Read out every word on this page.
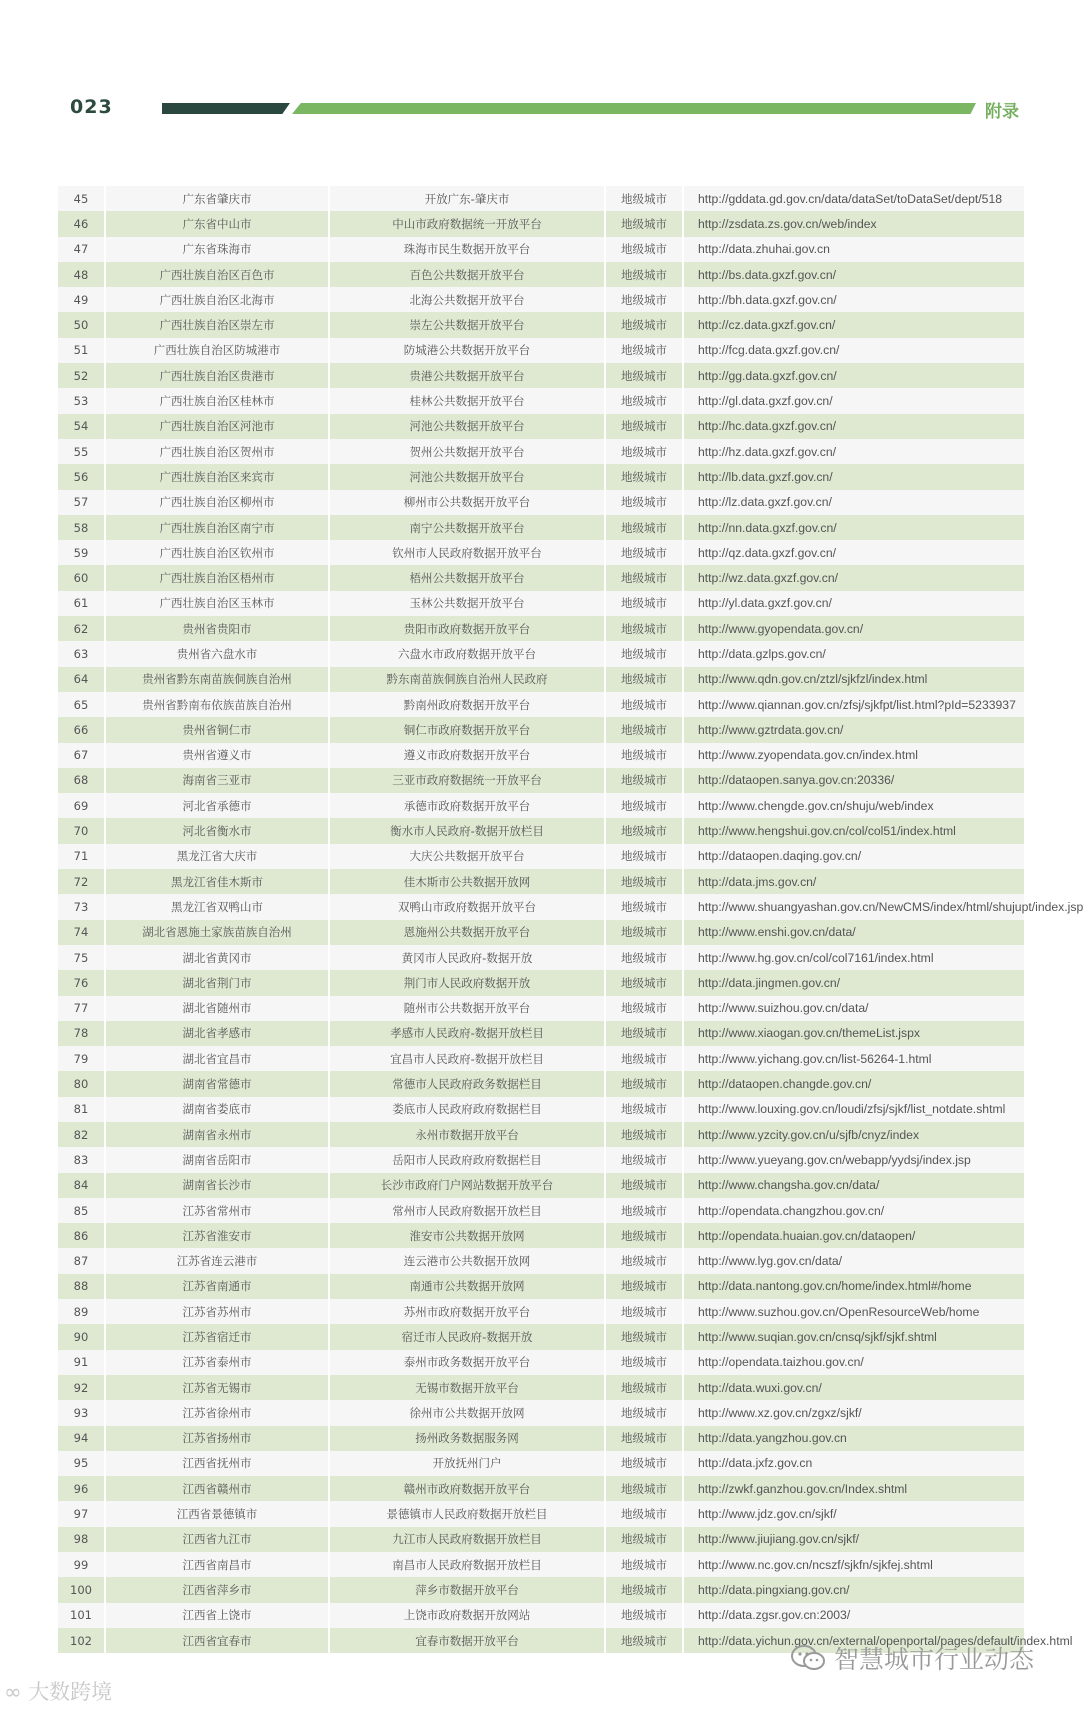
023	附录
45	广东省肇庆市	开放广东-肇庆市	地级城市	http://gddata.gd.gov.cn/data/dataSet/toDataSet/dept/518
46	广东省中山市	中山市政府数据统一开放平台	地级城市	http://zsdata.zs.gov.cn/web/index
47	广东省珠海市	珠海市民生数据开放平台	地级城市	http://data.zhuhai.gov.cn
48	广西壮族自治区百色市	百色公共数据开放平台	地级城市	http://bs.data.gxzf.gov.cn/
49	广西壮族自治区北海市	北海公共数据开放平台	地级城市	http://bh.data.gxzf.gov.cn/
50	广西壮族自治区崇左市	崇左公共数据开放平台	地级城市	http://cz.data.gxzf.gov.cn/
51	广西壮族自治区防城港市	防城港公共数据开放平台	地级城市	http://fcg.data.gxzf.gov.cn/
52	广西壮族自治区贵港市	贵港公共数据开放平台	地级城市	http://gg.data.gxzf.gov.cn/
53	广西壮族自治区桂林市	桂林公共数据开放平台	地级城市	http://gl.data.gxzf.gov.cn/
54	广西壮族自治区河池市	河池公共数据开放平台	地级城市	http://hc.data.gxzf.gov.cn/
55	广西壮族自治区贺州市	贺州公共数据开放平台	地级城市	http://hz.data.gxzf.gov.cn/
56	广西壮族自治区来宾市	河池公共数据开放平台	地级城市	http://lb.data.gxzf.gov.cn/
57	广西壮族自治区柳州市	柳州市公共数据开放平台	地级城市	http://lz.data.gxzf.gov.cn/
58	广西壮族自治区南宁市	南宁公共数据开放平台	地级城市	http://nn.data.gxzf.gov.cn/
59	广西壮族自治区钦州市	钦州市人民政府数据开放平台	地级城市	http://qz.data.gxzf.gov.cn/
60	广西壮族自治区梧州市	梧州公共数据开放平台	地级城市	http://wz.data.gxzf.gov.cn/
61	广西壮族自治区玉林市	玉林公共数据开放平台	地级城市	http://yl.data.gxzf.gov.cn/
62	贵州省贵阳市	贵阳市政府数据开放平台	地级城市	http://www.gyopendata.gov.cn/
63	贵州省六盘水市	六盘水市政府数据开放平台	地级城市	http://data.gzlps.gov.cn/
64	贵州省黔东南苗族侗族自治州	黔东南苗族侗族自治州人民政府	地级城市	http://www.qdn.gov.cn/ztzl/sjkfzl/index.html
65	贵州省黔南布依族苗族自治州	黔南州政府数据开放平台	地级城市	http://www.qiannan.gov.cn/zfsj/sjkfpt/list.html?pId=5233937
66	贵州省铜仁市	铜仁市政府数据开放平台	地级城市	http://www.gztrdata.gov.cn/
67	贵州省遵义市	遵义市政府数据开放平台	地级城市	http://www.zyopendata.gov.cn/index.html
68	海南省三亚市	三亚市政府数据统一开放平台	地级城市	http://dataopen.sanya.gov.cn:20336/
69	河北省承德市	承德市政府数据开放平台	地级城市	http://www.chengde.gov.cn/shuju/web/index
70	河北省衡水市	衡水市人民政府-数据开放栏目	地级城市	http://www.hengshui.gov.cn/col/col51/index.html
71	黑龙江省大庆市	大庆公共数据开放平台	地级城市	http://dataopen.daqing.gov.cn/
72	黑龙江省佳木斯市	佳木斯市公共数据开放网	地级城市	http://data.jms.gov.cn/
73	黑龙江省双鸭山市	双鸭山市政府数据开放平台	地级城市	http://www.shuangyashan.gov.cn/NewCMS/index/html/shujupt/index.jsp
74	湖北省恩施土家族苗族自治州	恩施州公共数据开放平台	地级城市	http://www.enshi.gov.cn/data/
75	湖北省黄冈市	黄冈市人民政府-数据开放	地级城市	http://www.hg.gov.cn/col/col7161/index.html
76	湖北省荆门市	荆门市人民政府数据开放	地级城市	http://data.jingmen.gov.cn/
77	湖北省随州市	随州市公共数据开放平台	地级城市	http://www.suizhou.gov.cn/data/
78	湖北省孝感市	孝感市人民政府-数据开放栏目	地级城市	http://www.xiaogan.gov.cn/themeList.jspx
79	湖北省宜昌市	宜昌市人民政府-数据开放栏目	地级城市	http://www.yichang.gov.cn/list-56264-1.html
80	湖南省常德市	常德市人民政府政务数据栏目	地级城市	http://dataopen.changde.gov.cn/
81	湖南省娄底市	娄底市人民政府政府数据栏目	地级城市	http://www.louxing.gov.cn/loudi/zfsj/sjkf/list_notdate.shtml
82	湖南省永州市	永州市数据开放平台	地级城市	http://www.yzcity.gov.cn/u/sjfb/cnyz/index
83	湖南省岳阳市	岳阳市人民政府政府数据栏目	地级城市	http://www.yueyang.gov.cn/webapp/yydsj/index.jsp
84	湖南省长沙市	长沙市政府门户网站数据开放平台	地级城市	http://www.changsha.gov.cn/data/
85	江苏省常州市	常州市人民政府数据开放栏目	地级城市	http://opendata.changzhou.gov.cn/
86	江苏省淮安市	淮安市公共数据开放网	地级城市	http://opendata.huaian.gov.cn/dataopen/
87	江苏省连云港市	连云港市公共数据开放网	地级城市	http://www.lyg.gov.cn/data/
88	江苏省南通市	南通市公共数据开放网	地级城市	http://data.nantong.gov.cn/home/index.html#/home
89	江苏省苏州市	苏州市政府数据开放平台	地级城市	http://www.suzhou.gov.cn/OpenResourceWeb/home
90	江苏省宿迁市	宿迁市人民政府-数据开放	地级城市	http://www.suqian.gov.cn/cnsq/sjkf/sjkf.shtml
91	江苏省泰州市	泰州市政务数据开放平台	地级城市	http://opendata.taizhou.gov.cn/
92	江苏省无锡市	无锡市数据开放平台	地级城市	http://data.wuxi.gov.cn/
93	江苏省徐州市	徐州市公共数据开放网	地级城市	http://www.xz.gov.cn/zgxz/sjkf/
94	江苏省扬州市	扬州政务数据服务网	地级城市	http://data.yangzhou.gov.cn
95	江西省抚州市	开放抚州门户	地级城市	http://data.jxfz.gov.cn
96	江西省赣州市	赣州市政府数据开放平台	地级城市	http://zwkf.ganzhou.gov.cn/Index.shtml
97	江西省景德镇市	景德镇市人民政府数据开放栏目	地级城市	http://www.jdz.gov.cn/sjkf/
98	江西省九江市	九江市人民政府数据开放栏目	地级城市	http://www.jiujiang.gov.cn/sjkf/
99	江西省南昌市	南昌市人民政府数据开放栏目	地级城市	http://www.nc.gov.cn/ncszf/sjkfn/sjkfej.shtml
100	江西省萍乡市	萍乡市数据开放平台	地级城市	http://data.pingxiang.gov.cn/
101	江西省上饶市	上饶市政府数据开放网站	地级城市	http://data.zgsr.gov.cn:2003/
102	江西省宜春市	宜春市数据开放平台	地级城市	http://data.yichun.gov.cn/external/openportal/pages/default/index.html
∞ 大数跨境
智慧城市行业动态
